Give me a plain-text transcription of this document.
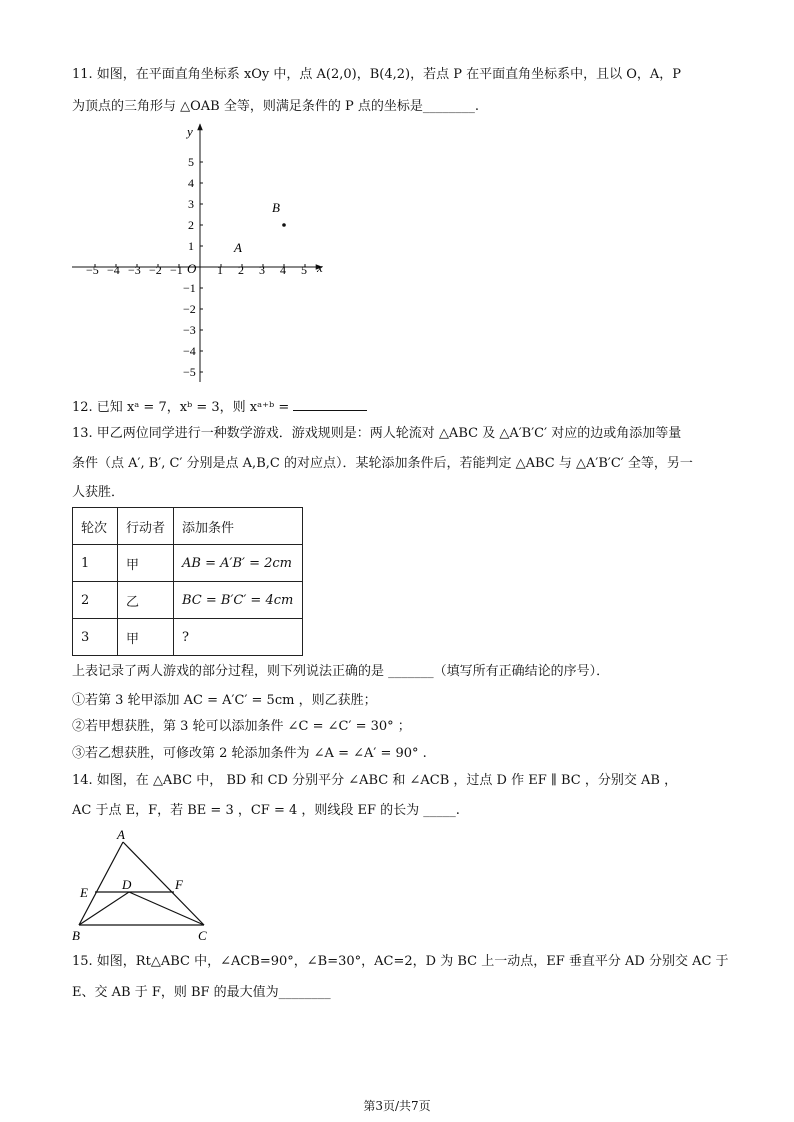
11. 如图，在平面直角坐标系 xOy 中，点 A(2,0)，B(4,2)，若点 P 在平面直角坐标系中，且以 O，A，P
为顶点的三角形与 △OAB 全等，则满足条件的 P 点的坐标是________.
−5 −4 −3 −2 −1	1 2 3 4 5
5
4
3
2
1
−1
−2
−3
−4
−5
x
y
O
A
B
12. 已知 xᵃ = 7，xᵇ = 3，则 xᵃ⁺ᵇ =
13. 甲乙两位同学进行一种数学游戏．游戏规则是：两人轮流对 △ABC 及 △A′B′C′ 对应的边或角添加等量
条件（点 A′, B′, C′ 分别是点 A,B,C 的对应点）．某轮添加条件后，若能判定 △ABC 与 △A′B′C′ 全等，另一
人获胜．
轮次	行动者	添加条件
1	甲	AB = A′B′ = 2cm
2	乙	BC = B′C′ = 4cm
3	甲	?
上表记录了两人游戏的部分过程，则下列说法正确的是 _______（填写所有正确结论的序号）．
①若第 3 轮甲添加 AC = A′C′ = 5cm ，则乙获胜；
②若甲想获胜，第 3 轮可以添加条件 ∠C = ∠C′ = 30° ；
③若乙想获胜，可修改第 2 轮添加条件为 ∠A = ∠A′ = 90° .
14. 如图，在 △ABC 中， BD 和 CD 分别平分 ∠ABC 和 ∠ACB ，过点 D 作 EF ∥ BC ，分别交 AB ，
AC 于点 E，F，若 BE = 3 ，CF = 4 ，则线段 EF 的长为 _____.
A
E
D	F
B	C
15. 如图，Rt△ABC 中，∠ACB=90°，∠B=30°，AC=2，D 为 BC 上一动点，EF 垂直平分 AD 分别交 AC 于
E、交 AB 于 F，则 BF 的最大值为________
第3页/共7页
